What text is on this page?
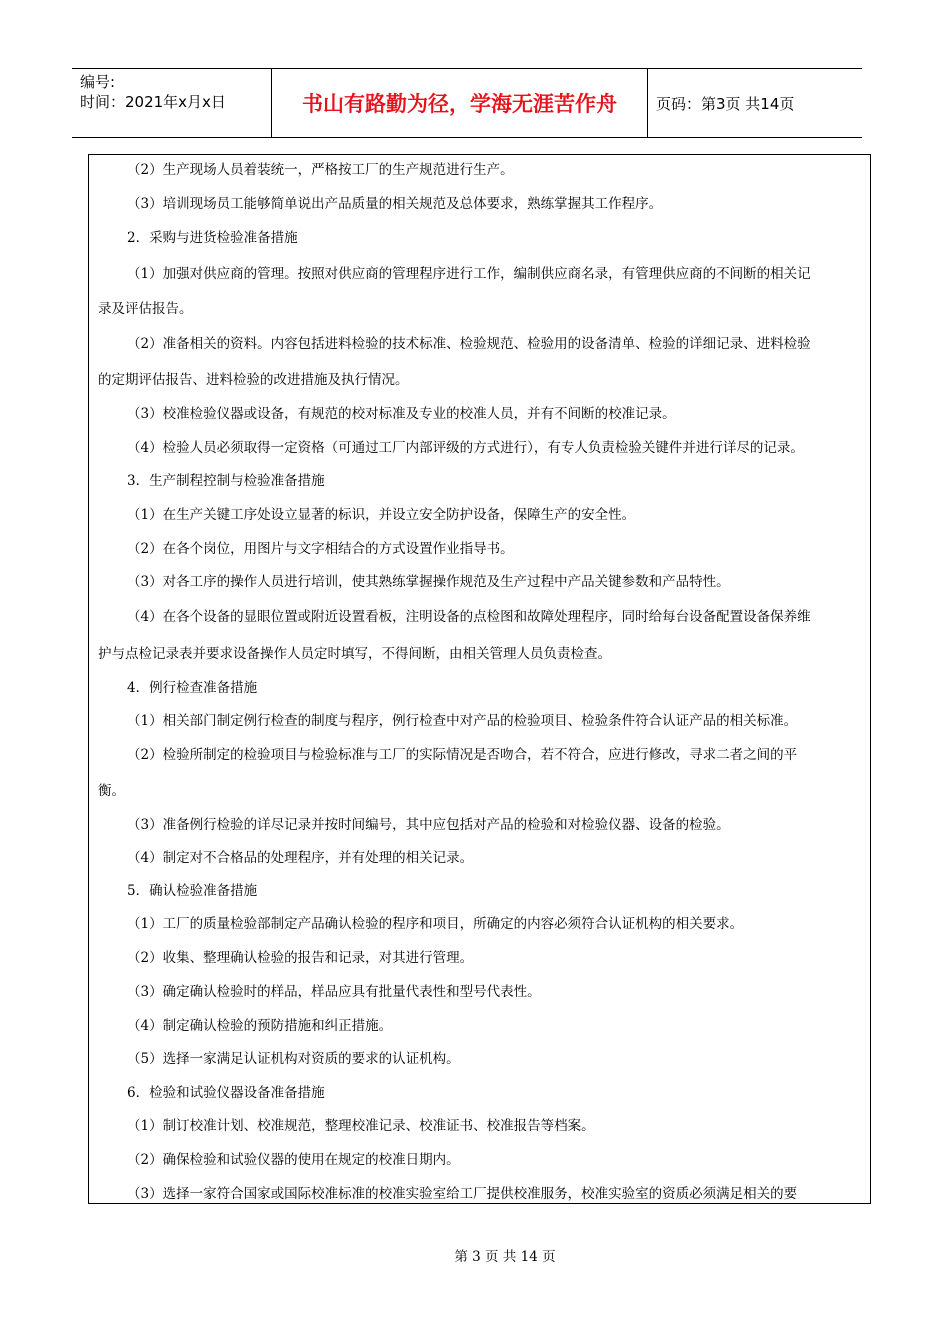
编号:
时间：2021年x月x日	书山有路勤为径，学海无涯苦作舟	页码：第3页 共14页
（2）生产现场人员着装统一，严格按工厂的生产规范进行生产。
（3）培训现场员工能够简单说出产品质量的相关规范及总体要求，熟练掌握其工作程序。
2．采购与进货检验准备措施
（1）加强对供应商的管理。按照对供应商的管理程序进行工作，编制供应商名录，有管理供应商的不间断的相关记
录及评估报告。
（2）准备相关的资料。内容包括进料检验的技术标准、检验规范、检验用的设备清单、检验的详细记录、进料检验
的定期评估报告、进料检验的改进措施及执行情况。
（3）校准检验仪器或设备，有规范的校对标准及专业的校准人员，并有不间断的校准记录。
（4）检验人员必须取得一定资格（可通过工厂内部评级的方式进行），有专人负责检验关键件并进行详尽的记录。
3．生产制程控制与检验准备措施
（1）在生产关键工序处设立显著的标识，并设立安全防护设备，保障生产的安全性。
（2）在各个岗位，用图片与文字相结合的方式设置作业指导书。
（3）对各工序的操作人员进行培训，使其熟练掌握操作规范及生产过程中产品关键参数和产品特性。
（4）在各个设备的显眼位置或附近设置看板，注明设备的点检图和故障处理程序，同时给每台设备配置设备保养维
护与点检记录表并要求设备操作人员定时填写，不得间断，由相关管理人员负责检查。
4．例行检查准备措施
（1）相关部门制定例行检查的制度与程序，例行检查中对产品的检验项目、检验条件符合认证产品的相关标准。
（2）检验所制定的检验项目与检验标准与工厂的实际情况是否吻合，若不符合，应进行修改，寻求二者之间的平
衡。
（3）准备例行检验的详尽记录并按时间编号，其中应包括对产品的检验和对检验仪器、设备的检验。
（4）制定对不合格品的处理程序，并有处理的相关记录。
5．确认检验准备措施
（1）工厂的质量检验部制定产品确认检验的程序和项目，所确定的内容必须符合认证机构的相关要求。
（2）收集、整理确认检验的报告和记录，对其进行管理。
（3）确定确认检验时的样品，样品应具有批量代表性和型号代表性。
（4）制定确认检验的预防措施和纠正措施。
（5）选择一家满足认证机构对资质的要求的认证机构。
6．检验和试验仪器设备准备措施
（1）制订校准计划、校准规范，整理校准记录、校准证书、校准报告等档案。
（2）确保检验和试验仪器的使用在规定的校准日期内。
（3）选择一家符合国家或国际校准标准的校准实验室给工厂提供校准服务，校准实验室的资质必须满足相关的要
第 3 页 共 14 页
